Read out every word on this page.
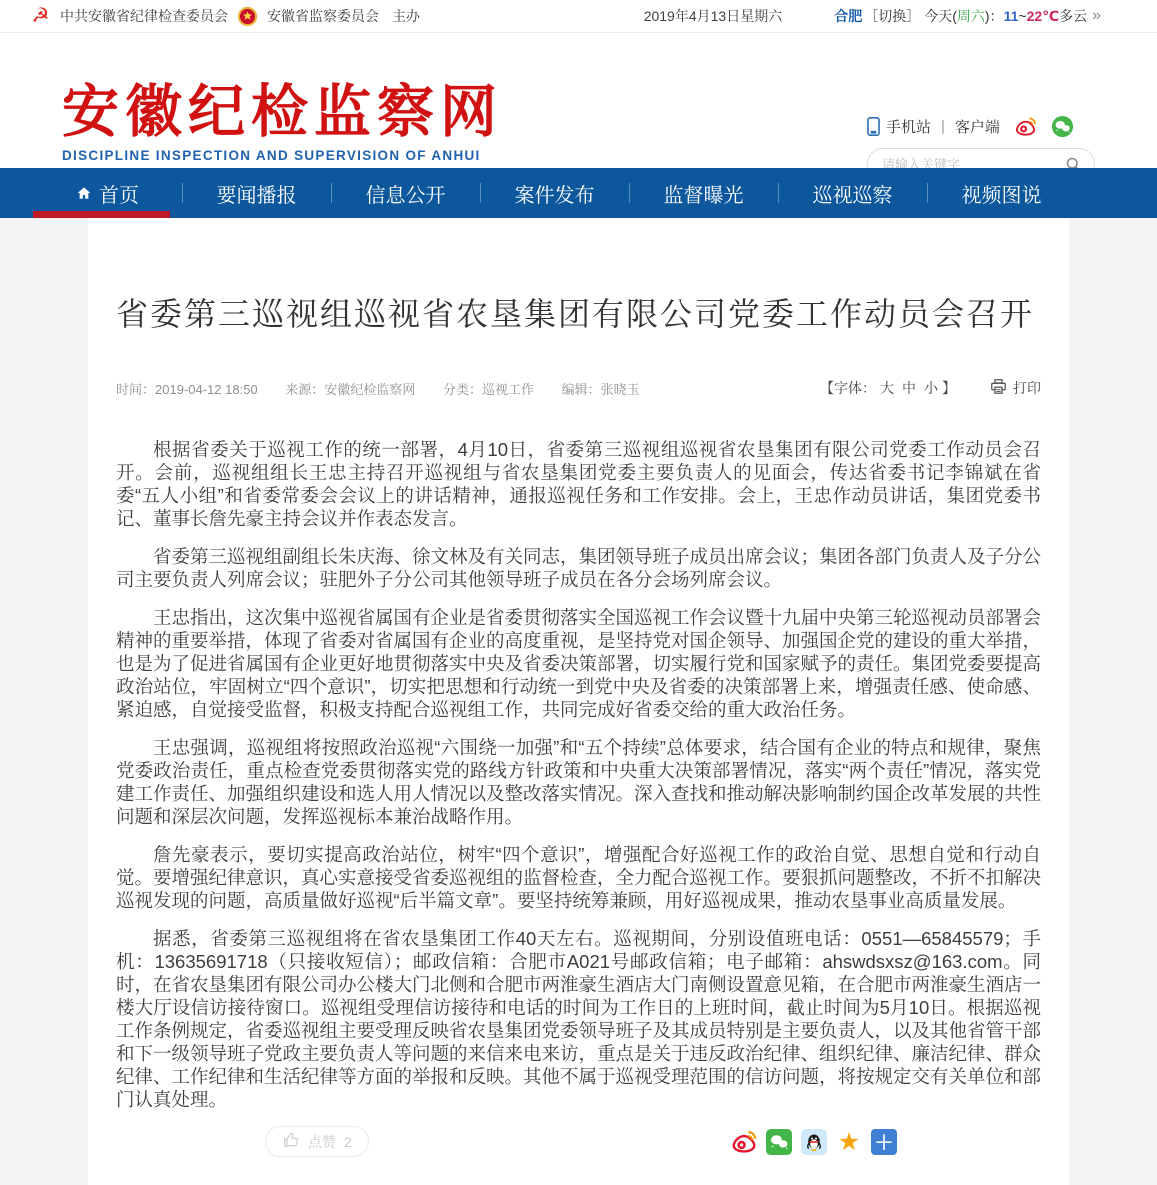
☭ 中共安徽省纪律检查委员会	安徽省监察委员会 主办	2019年4月13日星期六	合肥 ［切换］ 今天( 周六 )： 11 ~ 22℃ 多云 »
安徽纪检监察网
DISCIPLINE INSPECTION AND SUPERVISION OF ANHUI
手机站 | 客户端
请输入关键字
首页	要闻播报	信息公开	案件发布	监督曝光	巡视巡察	视频图说
省委第三巡视组巡视省农垦集团有限公司党委工作动员会召开
时间：2019-04-12 18:50 来源：安徽纪检监察网 分类：巡视工作 编辑：张晓玉	【字体： 大 中 小 】	打印

根据省委关于巡视工作的统一部署，4月10日，省委第三巡视组巡视省农垦集团有限公司党委工作动员会召开。会前，巡视组组长王忠主持召开巡视组与省农垦集团党委主要负责人的见面会，传达省委书记李锦斌在省委“五人小组”和省委常委会会议上的讲话精神，通报巡视任务和工作安排。会上，王忠作动员讲话，集团党委书记、董事长詹先豪主持会议并作表态发言。

省委第三巡视组副组长朱庆海、徐文林及有关同志，集团领导班子成员出席会议；集团各部门负责人及子分公司主要负责人列席会议；驻肥外子分公司其他领导班子成员在各分会场列席会议。

王忠指出，这次集中巡视省属国有企业是省委贯彻落实全国巡视工作会议暨十九届中央第三轮巡视动员部署会精神的重要举措，体现了省委对省属国有企业的高度重视，是坚持党对国企领导、加强国企党的建设的重大举措，也是为了促进省属国有企业更好地贯彻落实中央及省委决策部署，切实履行党和国家赋予的责任。集团党委要提高政治站位，牢固树立“四个意识”，切实把思想和行动统一到党中央及省委的决策部署上来，增强责任感、使命感、紧迫感，自觉接受监督，积极支持配合巡视组工作，共同完成好省委交给的重大政治任务。

王忠强调，巡视组将按照政治巡视“六围绕一加强”和“五个持续”总体要求，结合国有企业的特点和规律，聚焦党委政治责任，重点检查党委贯彻落实党的路线方针政策和中央重大决策部署情况，落实“两个责任”情况，落实党建工作责任、加强组织建设和选人用人情况以及整改落实情况。深入查找和推动解决影响制约国企改革发展的共性问题和深层次问题，发挥巡视标本兼治战略作用。

詹先豪表示，要切实提高政治站位，树牢“四个意识”，增强配合好巡视工作的政治自觉、思想自觉和行动自觉。要增强纪律意识，真心实意接受省委巡视组的监督检查，全力配合巡视工作。要狠抓问题整改，不折不扣解决巡视发现的问题，高质量做好巡视“后半篇文章”。要坚持统筹兼顾，用好巡视成果，推动农垦事业高质量发展。

据悉，省委第三巡视组将在省农垦集团工作40天左右。巡视期间，分别设值班电话：0551—65845579；手机：13635691718（只接收短信）；邮政信箱：合肥市A021号邮政信箱；电子邮箱：ahswdsxsz@163.com。同时，在省农垦集团有限公司办公楼大门北侧和合肥市两淮豪生酒店大门南侧设置意见箱，在合肥市两淮豪生酒店一楼大厅设信访接待窗口。巡视组受理信访接待和电话的时间为工作日的上班时间，截止时间为5月10日。根据巡视工作条例规定，省委巡视组主要受理反映省农垦集团党委领导班子及其成员特别是主要负责人，以及其他省管干部和下一级领导班子党政主要负责人等问题的来信来电来访，重点是关于违反政治纪律、组织纪律、廉洁纪律、群众纪律、工作纪律和生活纪律等方面的举报和反映。其他不属于巡视受理范围的信访问题，将按规定交有关单位和部门认真处理。

点赞 2	★ ＋
